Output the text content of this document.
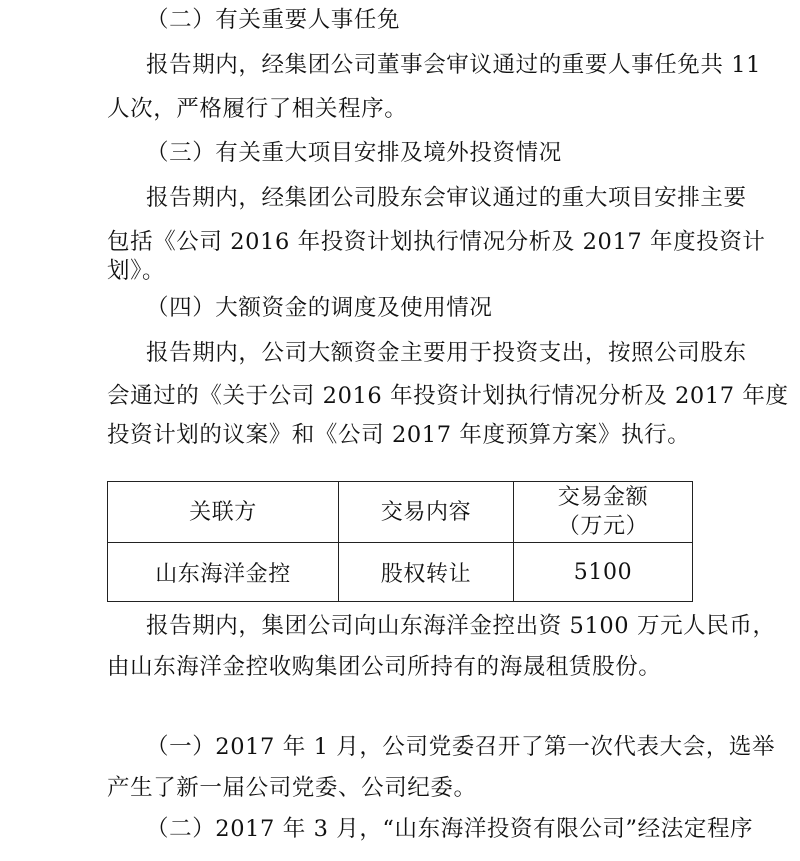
（二）有关重要人事任免
报告期内，经集团公司董事会审议通过的重要人事任免共 11
人次，严格履行了相关程序。
（三）有关重大项目安排及境外投资情况
报告期内，经集团公司股东会审议通过的重大项目安排主要
包括《公司 2016 年投资计划执行情况分析及 2017 年度投资计
划》。
（四）大额资金的调度及使用情况
报告期内，公司大额资金主要用于投资支出，按照公司股东
会通过的《关于公司 2016 年投资计划执行情况分析及 2017 年度
投资计划的议案》和《公司 2017 年度预算方案》执行。
关联方	交易内容	交易金额
（万元）
山东海洋金控	股权转让	5100
报告期内，集团公司向山东海洋金控出资 5100 万元人民币，
由山东海洋金控收购集团公司所持有的海晟租赁股份。
（一）2017 年 1 月，公司党委召开了第一次代表大会，选举
产生了新一届公司党委、公司纪委。
（二）2017 年 3 月，“山东海洋投资有限公司”经法定程序
